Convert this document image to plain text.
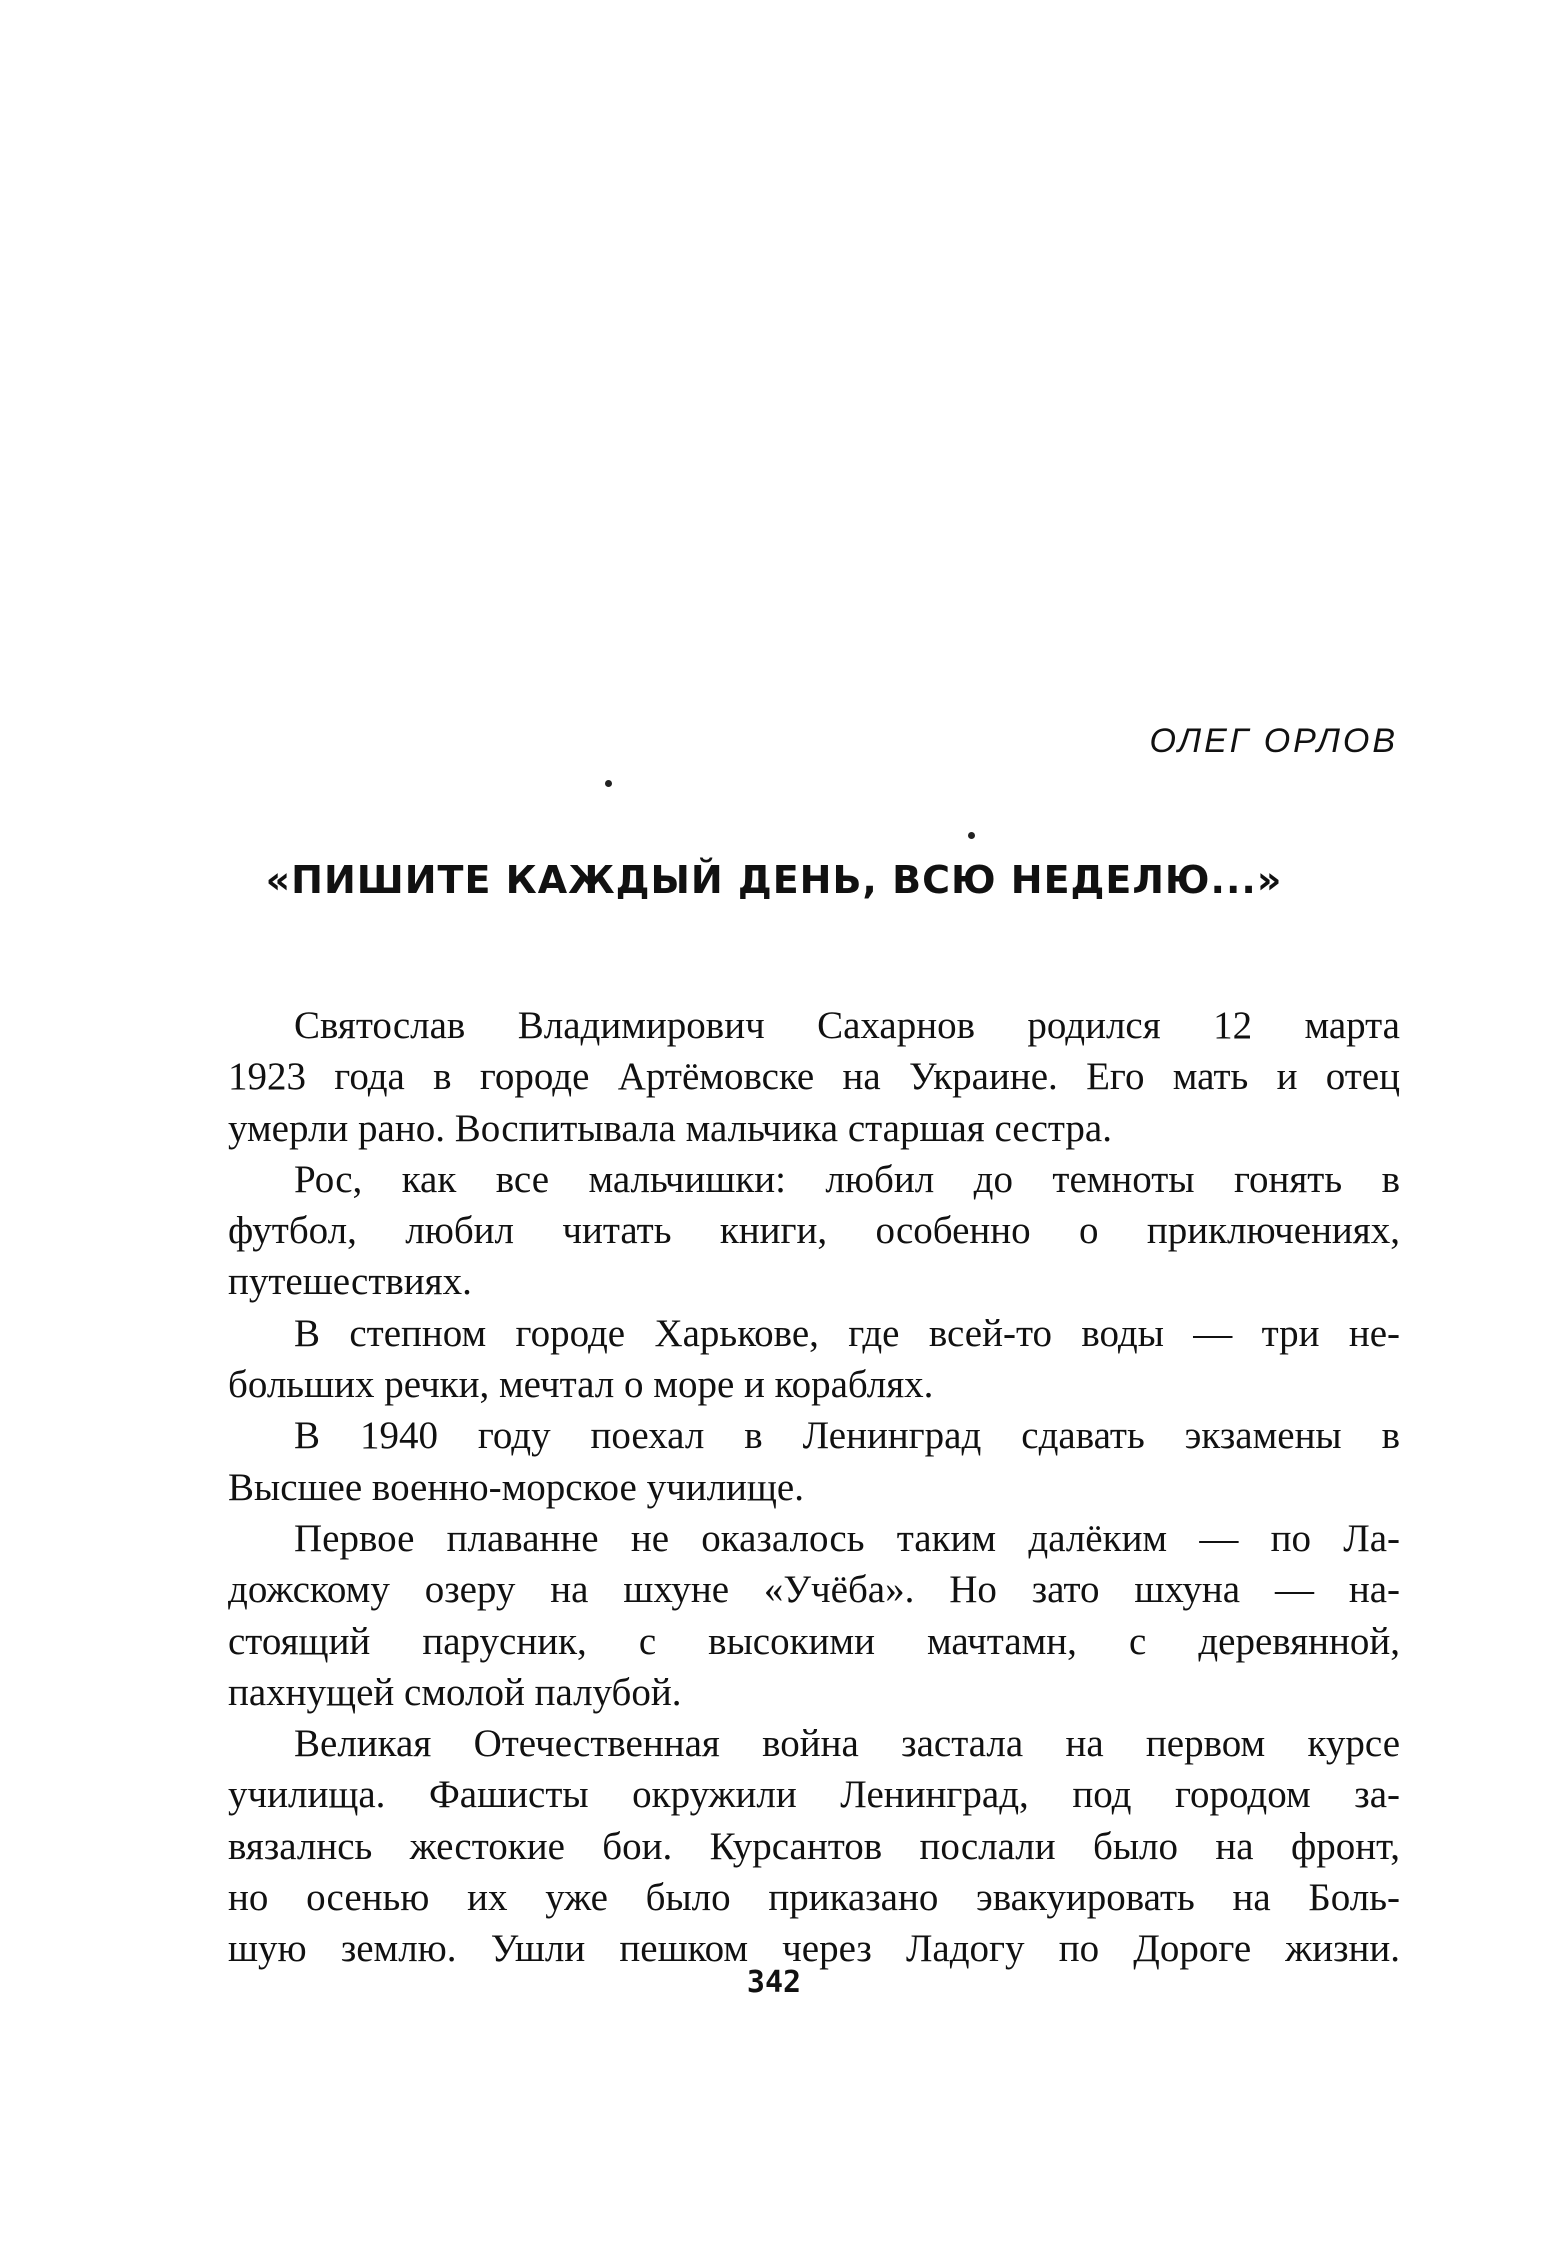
ОЛЕГ ОРЛОВ
«ПИШИТЕ КАЖДЫЙ ДЕНЬ, ВСЮ НЕДЕЛЮ...»

Святослав Владимирович Сахарнов родился 12 марта
1923 года в городе Артёмовске на Украине. Его мать и отец
умерли рано. Воспитывала мальчика старшая сестра.

Рос, как все мальчишки: любил до темноты гонять в
футбол, любил читать книги, особенно о приключениях,
путешествиях.

В степном городе Харькове, где всей-то воды — три не-
больших речки, мечтал о море и кораблях.

В 1940 году поехал в Ленинград сдавать экзамены в
Высшее военно-морское училище.

Первое плаванне не оказалось таким далёким — по Ла-
дожскому озеру на шхуне «Учёба». Но зато шхуна — на-
стоящий парусник, с высокими мачтамн, с деревянной,
пахнущей смолой палубой.

Великая Отечественная война застала на первом курсе
училища. Фашисты окружили Ленинград, под городом за-
вязалнсь жестокие бои. Курсантов послали было на фронт,
но осенью их уже было приказано эвакуировать на Боль-
шую землю. Ушли пешком через Ладогу по Дороге жизни.

342
